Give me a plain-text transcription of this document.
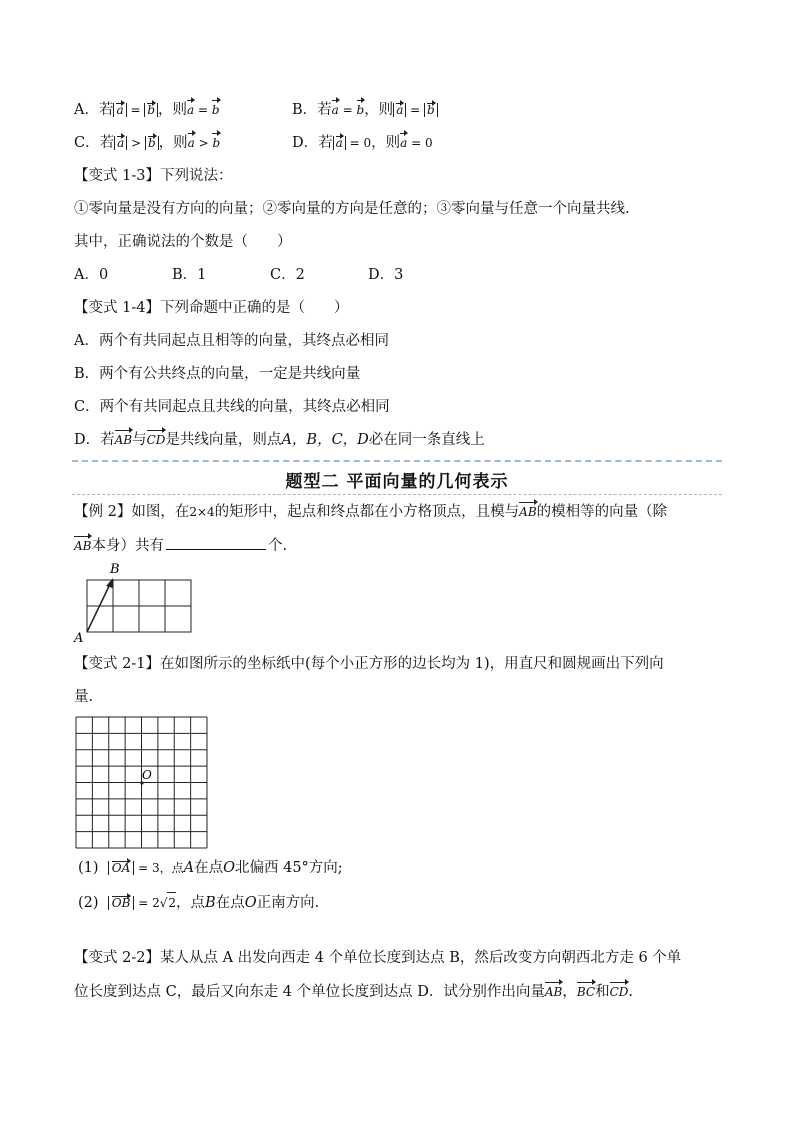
A．若 a = b ，则a = b	B．若a = b，则 a = b
C．若 a > b ，则a > b	D．若 a = 0，则a = 0
【变式 1-3】下列说法：
①零向量是没有方向的向量；②零向量的方向是任意的；③零向量与任意一个向量共线.
其中，正确说法的个数是（　　）
A．0	B．1	C．2	D．3
【变式 1-4】下列命题中正确的是（　　）
A．两个有共同起点且相等的向量，其终点必相同
B．两个有公共终点的向量，一定是共线向量
C．两个有共同起点且共线的向量，其终点必相同
D．若AB与CD是共线向量，则点A，B，C，D必在同一条直线上
题型二 平面向量的几何表示
【例 2】如图，在2×4的矩形中，起点和终点都在小方格顶点，且模与AB的模相等的向量（除
AB本身）共有	个.
A
B
【变式 2-1】在如图所示的坐标纸中(每个小正方形的边长均为 1)，用直尺和圆规画出下列向
量.
O
(1) OA = 3，点A在点O北偏西 45°方向;
(2) OB = 2√2，点B在点O正南方向.
【变式 2-2】某人从点 A 出发向西走 4 个单位长度到达点 B，然后改变方向朝西北方走 6 个单
位长度到达点 C，最后又向东走 4 个单位长度到达点 D．试分别作出向量AB，BC和CD.
